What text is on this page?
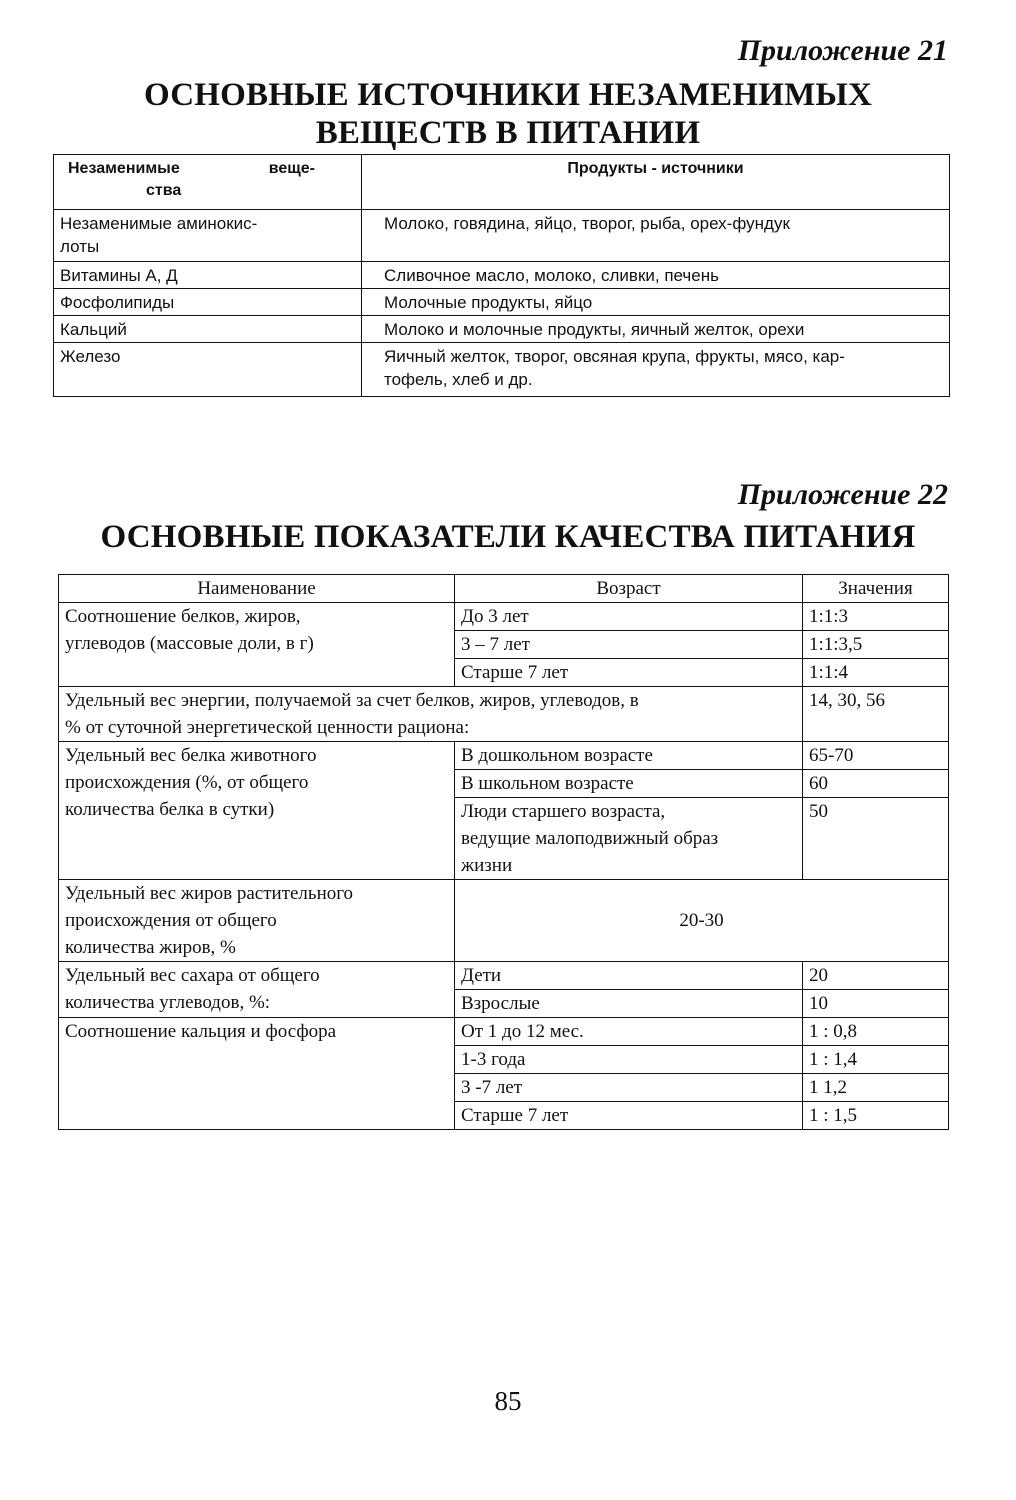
Приложение 21

ОСНОВНЫЕ ИСТОЧНИКИ НЕЗАМЕНИМЫХ
ВЕЩЕСТВ В ПИТАНИИ
Незаменимые веще-
ства	Продукты - источники
Незаменимые аминокис-
лоты	Молоко, говядина, яйцо, творог, рыба, орех-фундук
Витамины А, Д	Сливочное масло, молоко, сливки, печень
Фосфолипиды	Молочные продукты, яйцо
Кальций	Молоко и молочные продукты, яичный желток, орехи
Железо	Яичный желток, творог, овсяная крупа, фрукты, мясо, кар-
тофель, хлеб и др.

Приложение 22

ОСНОВНЫЕ ПОКАЗАТЕЛИ КАЧЕСТВА ПИТАНИЯ
Наименование	Возраст	Значения
Соотношение белков, жиров,
углеводов (массовые доли, в г)	До 3 лет	1:1:3
	3 – 7 лет	1:1:3,5
	Старше 7 лет	1:1:4
Удельный вес энергии, получаемой за счет белков, жиров, углеводов, в
% от суточной энергетической ценности рациона:		14, 30, 56
Удельный вес белка животного
происхождения (%, от общего
количества белка в сутки)	В дошкольном возрасте	65-70
	В школьном возрасте	60
	Люди старшего возраста,
ведущие малоподвижный образ
жизни	50
Удельный вес жиров растительного
происхождения от общего
количества жиров, %	20-30	
Удельный вес сахара от общего
количества углеводов, %:	Дети	20
	Взрослые	10
Соотношение кальция и фосфора	От 1 до 12 мес.	1 : 0,8
	1-3 года	1 : 1,4
	3 -7 лет	1 1,2
	Старше 7 лет	1 : 1,5

85
